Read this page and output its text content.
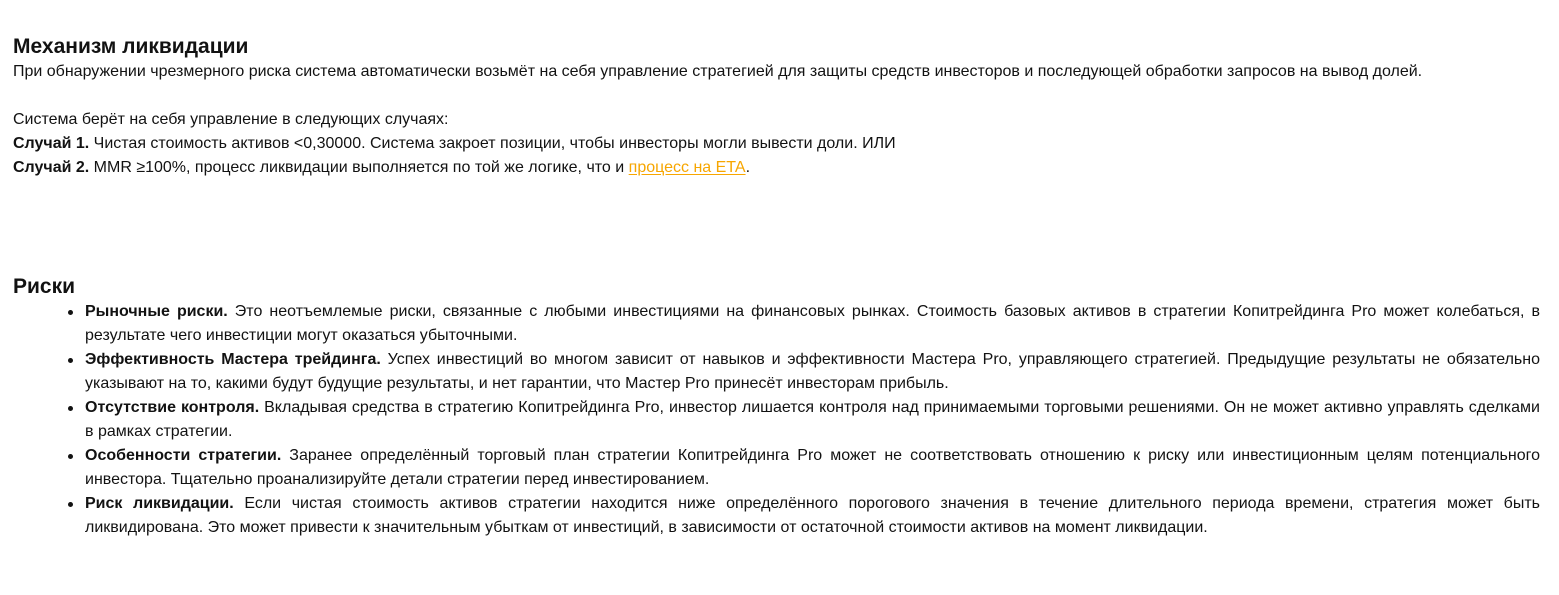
Механизм ликвидации

При обнаружении чрезмерного риска система автоматически возьмёт на себя управление стратегией для защиты средств инвесторов и последующей обработки запросов на вывод долей.

Система берёт на себя управление в следующих случаях:

Случай 1. Чистая стоимость активов <0,30000. Система закроет позиции, чтобы инвесторы могли вывести доли. ИЛИ

Случай 2. MMR ≥100%, процесс ликвидации выполняется по той же логике, что и процесс на ETA.

Риски
Рыночные риски. Это неотъемлемые риски, связанные с любыми инвестициями на финансовых рынках. Стоимость базовых активов в стратегии Копитрейдинга Pro может колебаться, в результате чего инвестиции могут оказаться убыточными.
Эффективность Мастера трейдинга. Успех инвестиций во многом зависит от навыков и эффективности Мастера Pro, управляющего стратегией. Предыдущие результаты не обязательно указывают на то, какими будут будущие результаты, и нет гарантии, что Мастер Pro принесёт инвесторам прибыль.
Отсутствие контроля. Вкладывая средства в стратегию Копитрейдинга Pro, инвестор лишается контроля над принимаемыми торговыми решениями. Он не может активно управлять сделками в рамках стратегии.
Особенности стратегии. Заранее определённый торговый план стратегии Копитрейдинга Pro может не соответствовать отношению к риску или инвестиционным целям потенциального инвестора. Тщательно проанализируйте детали стратегии перед инвестированием.
Риск ликвидации. Если чистая стоимость активов стратегии находится ниже определённого порогового значения в течение длительного периода времени, стратегия может быть ликвидирована. Это может привести к значительным убыткам от инвестиций, в зависимости от остаточной стоимости активов на момент ликвидации.
